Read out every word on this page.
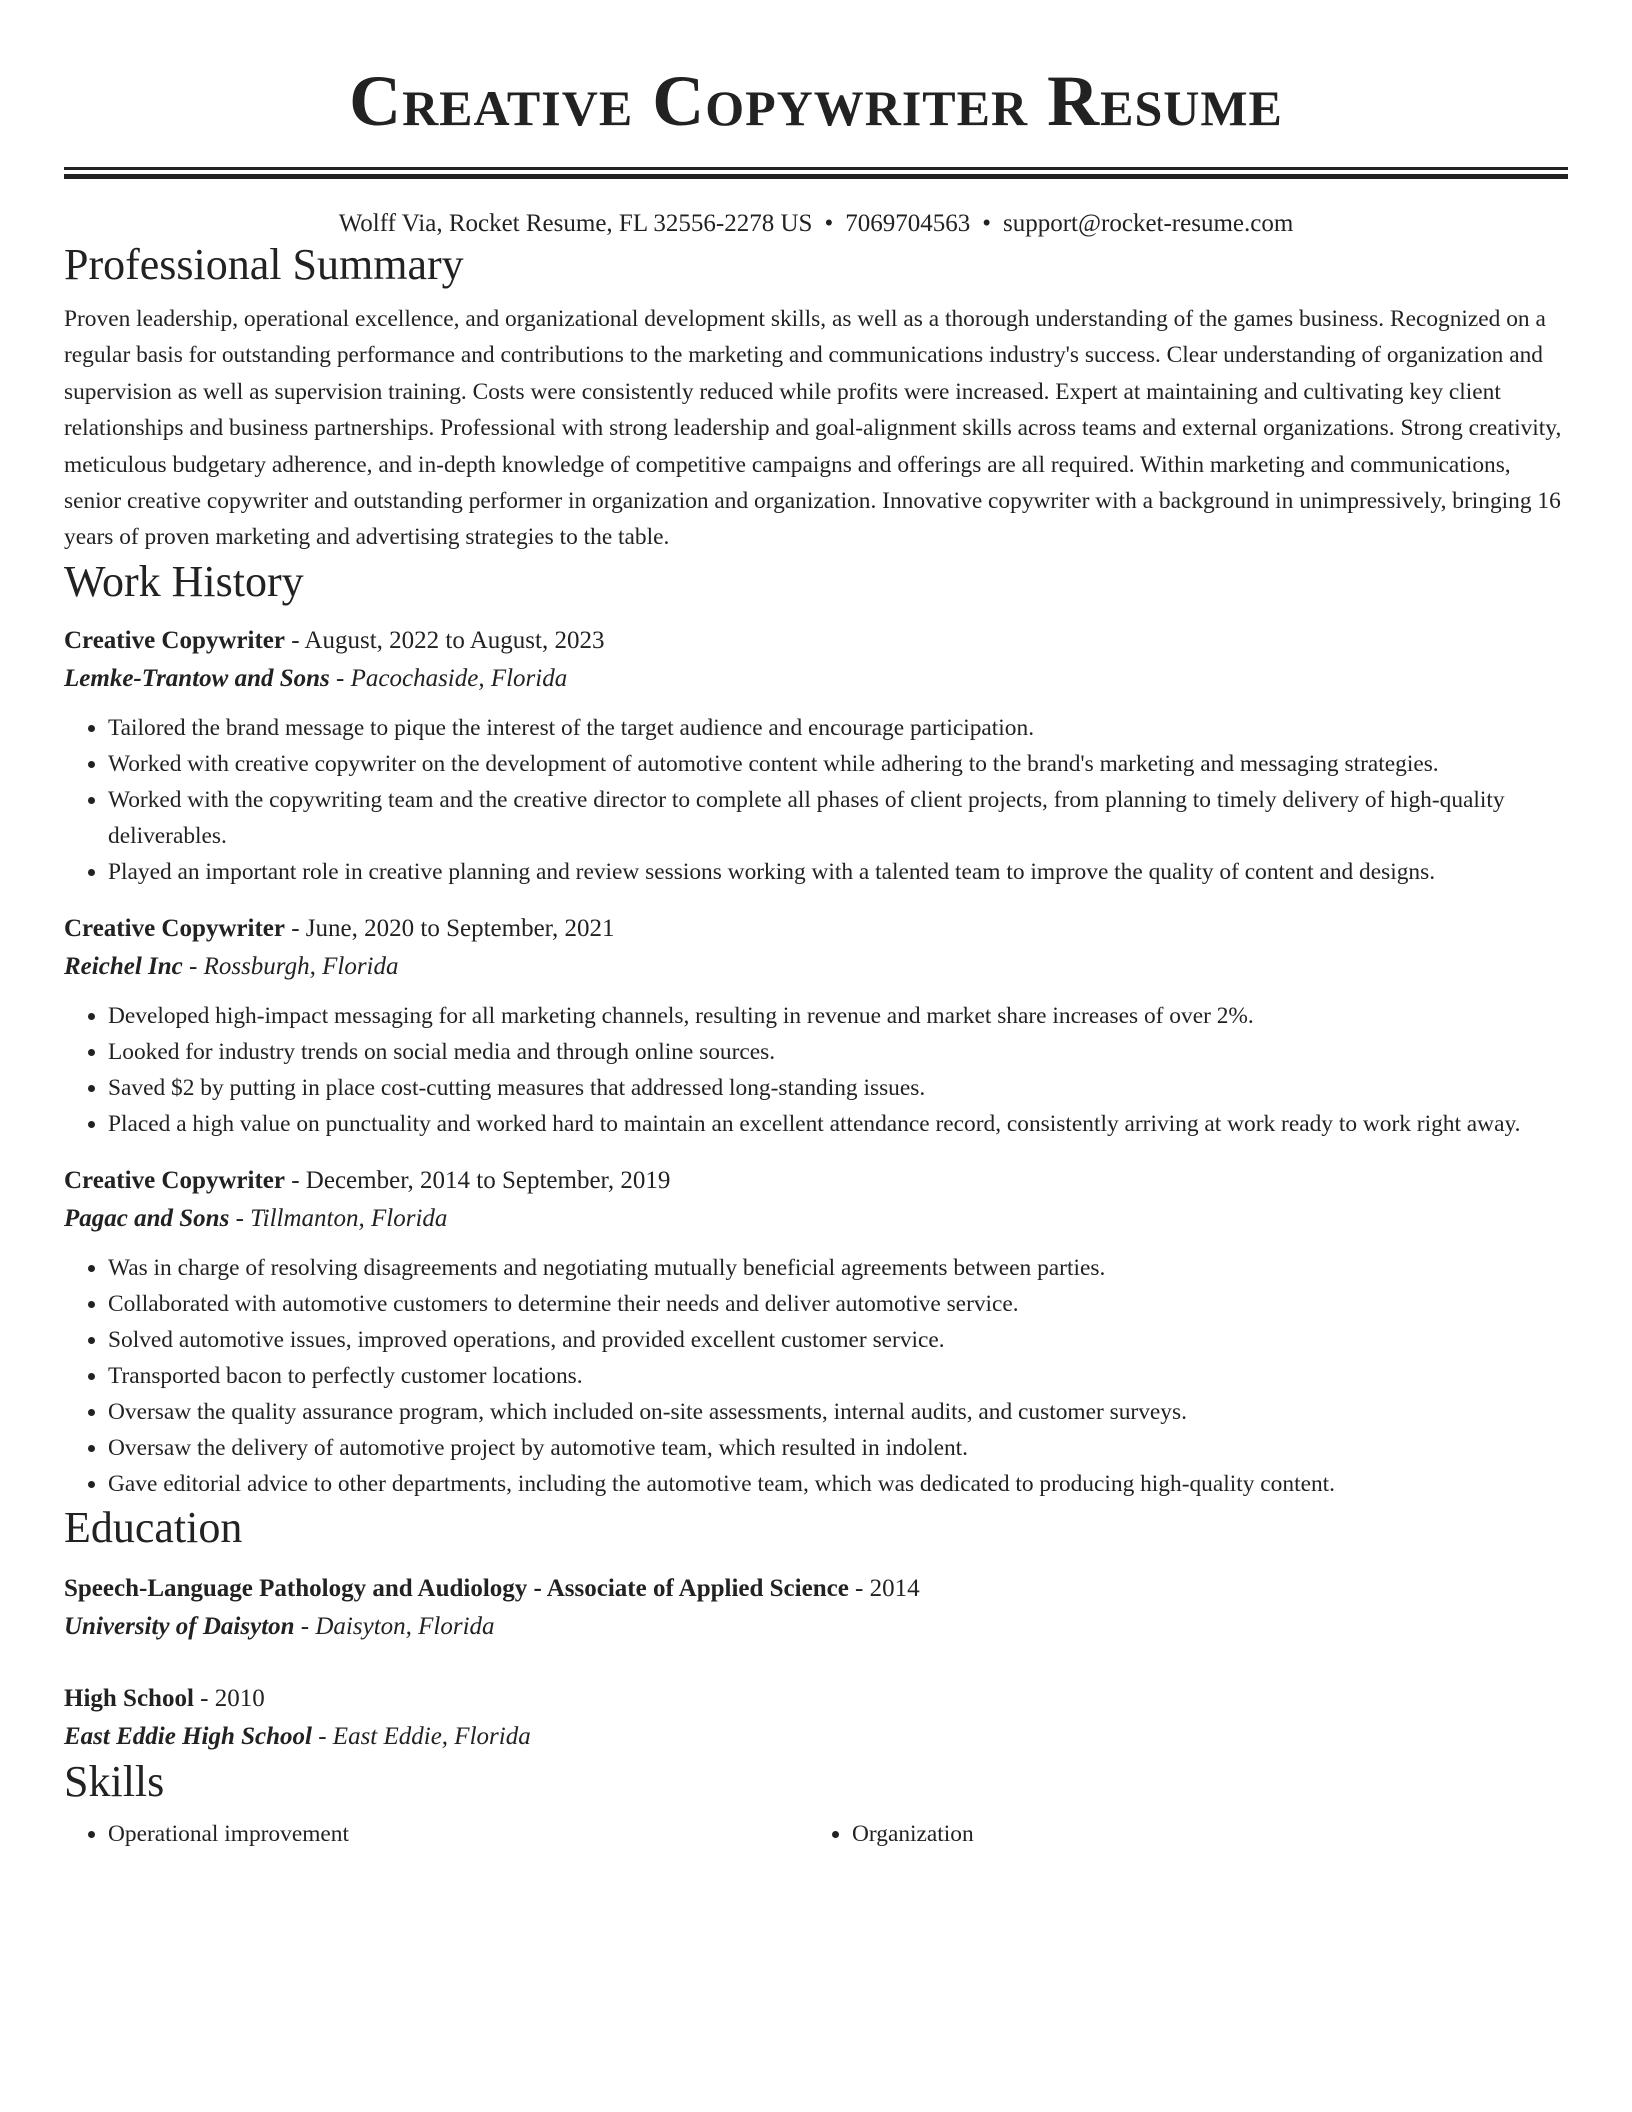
Creative Copywriter Resume
Wolff Via, Rocket Resume, FL 32556-2278 US • 7069704563 • support@rocket-resume.com
Professional Summary

Proven leadership, operational excellence, and organizational development skills, as well as a thorough understanding of the games business. Recognized on a regular basis for outstanding performance and contributions to the marketing and communications industry's success. Clear understanding of organization and supervision as well as supervision training. Costs were consistently reduced while profits were increased. Expert at maintaining and cultivating key client relationships and business partnerships. Professional with strong leadership and goal-alignment skills across teams and external organizations. Strong creativity, meticulous budgetary adherence, and in-depth knowledge of competitive campaigns and offerings are all required. Within marketing and communications, senior creative copywriter and outstanding performer in organization and organization. Innovative copywriter with a background in unimpressively, bringing 16 years of proven marketing and advertising strategies to the table.

Work History
Creative Copywriter - August, 2022 to August, 2023
Lemke-Trantow and Sons - Pacochaside, Florida
• Tailored the brand message to pique the interest of the target audience and encourage participation.
• Worked with creative copywriter on the development of automotive content while adhering to the brand's marketing and messaging strategies.
• Worked with the copywriting team and the creative director to complete all phases of client projects, from planning to timely delivery of high-quality deliverables.
• Played an important role in creative planning and review sessions working with a talented team to improve the quality of content and designs.
Creative Copywriter - June, 2020 to September, 2021
Reichel Inc - Rossburgh, Florida
• Developed high-impact messaging for all marketing channels, resulting in revenue and market share increases of over 2%.
• Looked for industry trends on social media and through online sources.
• Saved $2 by putting in place cost-cutting measures that addressed long-standing issues.
• Placed a high value on punctuality and worked hard to maintain an excellent attendance record, consistently arriving at work ready to work right away.
Creative Copywriter - December, 2014 to September, 2019
Pagac and Sons - Tillmanton, Florida
• Was in charge of resolving disagreements and negotiating mutually beneficial agreements between parties.
• Collaborated with automotive customers to determine their needs and deliver automotive service.
• Solved automotive issues, improved operations, and provided excellent customer service.
• Transported bacon to perfectly customer locations.
• Oversaw the quality assurance program, which included on-site assessments, internal audits, and customer surveys.
• Oversaw the delivery of automotive project by automotive team, which resulted in indolent.
• Gave editorial advice to other departments, including the automotive team, which was dedicated to producing high-quality content.
Education
Speech-Language Pathology and Audiology - Associate of Applied Science - 2014
University of Daisyton - Daisyton, Florida
High School - 2010
East Eddie High School - East Eddie, Florida
Skills
• Operational improvement
•	Organization
